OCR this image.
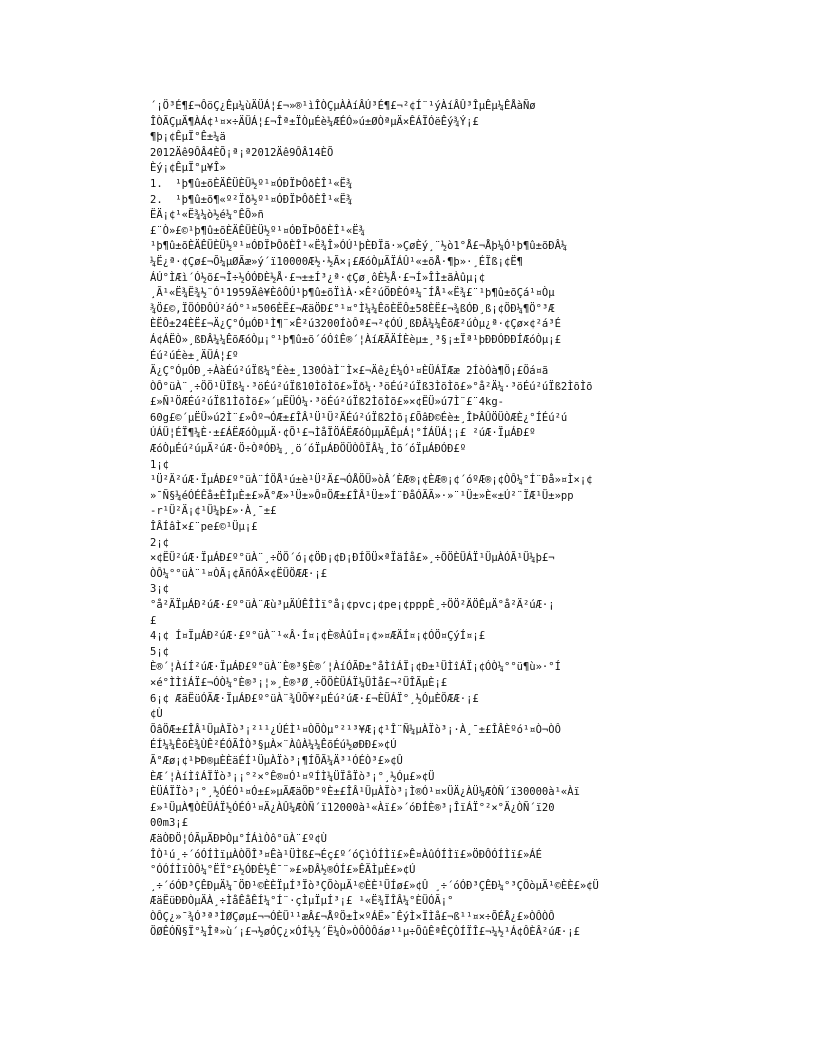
´¡Ö³É¶£¬ÔöÇ¿Êµ¼ùÄÜÁ¦£¬»®¹ìÎÒÇµÀÀíÂÚ³É¶£¬²¢Í¨¹ýÀíÂÛ³ÎµÊµ¼ÊÅàÑø
ÎÒÃÇµÄ¶ÀÁ¢¹¤×÷ÄÜÁ¦£¬Îª±ÏÒµÉè¼ÆÉÓ»ú±ØÒªµÄ×ÊÁÏÓëÊý¾Ý¡£
¶þ¡¢ÊµÏ°Ê±¼ä
2012Äê9ÔÂ4ÈÕ¡ª¡ª2012Äê9ÔÂ14ÈÕ
Èý¡¢ÊµÏ°µ¥Î»
1.  ¹þ¶û±õÈÄÊÜÈÜ½º¹¤ÓÐÏÞÔðÈÎ¹«Ë¾
2.  ¹þ¶û±õ¶«º²Ïð½º¹¤ÓÐÏÞÔðÈÎ¹«Ë¾
ËÄ¡¢¹«Ë¾¼ò½é¼°ÊÕ»ñ
£¨Ò»£©¹þ¶û±õÈÄÊÜÈÜ½º¹¤ÓÐÏÞÔðÈÎ¹«Ë¾
¹þ¶û±õÈÄÊÜÈÜ½º¹¤ÓÐÏÞÔðÈÎ¹«Ë¾Î»ÓÚ¹þÈÐÏã·»ÇøÈý¸¨½ò1°Å£¬Åþ¼Ó¹þ¶û±õÐÂ¼
¼Ë¿ª·¢Çø£¬Õ¼µØÃæ»ý´ï10000Æ½·½Ã×¡£ÆóÒµÃÏÁÛ¹«±õÅ·¶þ»·¸ÉÏß¡¢Ë¶
ÁÚ°ÌÆì´Ó½õ£¬Î÷½ÓÓÐÈ½Å·£¬±±Í³¿ª·¢Çø¸ôÈ½Å·£¬Í»ÎÌ±ãÀûµ¡¢
¸Ã¹«Ë¾Ë¾½¨Ó¹1959Äê¥ÈôÔÚ¹þ¶û±õÏìÀ·×Ê²úÖÐÈÓª¼¯ÍÅ¹«Ë¾£¨¹þ¶û±õÇá¹¤Òµ
¾Ö£©,ÏÖÓÐÔÚ²áÓ°¹¤506ÈË£¬ÆäÖÐ£°¹¤°Ì¼¼ÊõÈËÔ±58ÈË£¬¾ßÓÐ¸ß¡¢ÖÐ¼¶Ö°³Æ
ÈËÔ±24ÈË£¬Ä¿Ç°ÓµÓÐ¹Ì¶¨×Ê²ú3200ÍòÔª£¬²¢ÓÚ¸ßÐÂ¼¼ÊõÆ²úÒµ¿ª·¢Çø×¢²á³É
Á¢ÁËÒ»¸ßÐÂ¼¼ÊõÆóÒµ¡°¹þ¶û±õ´óÓîÊ®´¦ÀíÆÄÄÍÈèµ±¸³§¡±Ïª¹þÐÐÓÐÐÍÆóÒµ¡£
Éú²úÉè±¸ÄÜÁ¦£º
Ä¿Ç°ÓµÓÐ¸÷ÀàÉú²úÏß¼°Éè±¸130ÓàÌ¨Ì×£¬Äê¿É¼Ó¹¤ÈÜÁÏÆæ 2ÍòÓà¶Ö¡£Öá¤ã
ÒÔ°üÀ¨¸÷ÖÖ¹ÜÏß¼·³öÉú²úÏß10ÌõÌõ£»Ïð¼·³öÉú²úÏß3ÌõÌõ£»°å²Ä¼·³öÉú²úÏß2ÌõÌõ
£»Ñ¹ÖÆÉú²úÏß1ÌõÌõ£»´µËÜÓ¼·³öÉú²úÏß2ÌõÌõ£»×¢ËÜ»ú7Ì¨£¨4kg-
60g£©´µËÜ»ú2Ì¨£»Ôº¬ÓÆ±£ÎÂ¹Ü¹Ü²ÄÉú²úÏß2Ìõ¡£ÕâÐ©Éè±¸ÎÞÂÛÖÜÒÆÈ¿°ÍÉú²ú
ÚÁÜ¦ÉÏ¶¼È·±£ÁËÆóÒµµÄ·¢Õ¹£¬ÌåÏÖÁËÆóÒµµÄÊµÁ¦°ÍÁÜÁ¦¡£ ²úÆ·ÏµÁÐ£º
ÆóÒµÉú²úµÄ²úÆ·Ö÷ÒªÓÐ¼¸¸ö´óÏµÁÐÖÜÒÔÏÂ¼¸Ìõ´óÏµÁÐÓÐ£º
1¡¢
¹Ü²Ä²úÆ·ÏµÁÐ£º°üÀ¨ÍÖÅ¹ú±è¹Ü²Ä£¬ÓÅÖÜ»òÂ´ÈÆ®¡¢ÈÆ®¡¢´óºÆ®¡¢ÒÔ¼°Í¨Ðå»¤Ì×¡¢
»¯Ñ§¼éÓÉÊå±ÈÎµÈ±£»Ã°Æ»¹Ü±»Ô¤ÖÆ±£ÎÂ¹Ü±»Í¨ÐåÓÃÃ»·»¨¹Ü±»È«±Ú²¨ÏÆ¹Ü±»pp
-r¹Ü²Ä¡¢¹Ü¼þ£»·À¸¯±£
ÎÂÍâÌ×£¨pe£©¹Üµ¡£
2¡¢
×¢ËÜ²úÆ·ÏµÁÐ£º°üÀ¨¸÷ÖÖ´ó¡¢ÖÐ¡¢Ð¡ÐÍÖÜ×ªÏäÍå£»¸÷ÖÖÈÜÁÏ¹ÜµÀÓÃ¹Ü¼þ£¬
ÒÔ¼°°üÀ¨¹¤ÒÃ¡¢ÃñÓÃ×¢ËÜÖÆÆ·¡£
3¡¢
°å²ÄÏµÁÐ²úÆ·£º°üÀ¨Æù³µÄÚÊÎÌï°å¡¢pvc¡¢pe¡¢pppÈ¸÷ÖÖ²ÄÖÊµÄ°å²Ä²úÆ·¡
£
4¡¢ Í¤ÏµÁÐ²úÆ·£º°üÀ¨¹«Â·Í¤¡¢È®ÀûÍ¤¡¢»¤ÆÄÍ¤¡¢ÓÖ¤ÇýÍ¤¡£
5¡¢
È®´¦ÀíÍ²úÆ·ÏµÁÐ£º°üÀ¨È®³§È®´¦ÀíÓÃÐ±°åÌîÁÏ¡¢Ð±¹ÜÌîÁÏ¡¢ÓÒ¼°°ü¶ù»·°Í
×é°ÌÌîÁÏ£¬ÓÒ¼°È®³¡¦»¸È®³Ø¸÷ÖÖÈÜÁÏ¼ÜÌå£¬²ÜÎÃµÈ¡£
6¡¢ ÆäËüÓÃÆ·ÏµÁÐ£º°üÀ¨¾ÛÕ¥²µÉú²úÆ·£¬ÈÜÁÏ°¸½ÓµÈÖÆÆ·¡£
¢Ù
ÕâÖÆ±£ÎÂ¹ÜµÀÏò³¡²¹¹¿ÚÉÌ¹¤ÒÕÒµ°²¹³¥Æ¡¢¹Î¨Ñ¼µÀÏò³¡·À¸¯±£ÎÂÈºó¹¤Ò¬ÒÔ
ÉÍ¼¼ÊõÈ¾ÙÊ²ÉÓÃÎÒ³§µÀ×¨ÀûÀ¼¼ÊõÉú½øÐÐ£»¢Ú
Ã°Æø¡¢¹ÞÐ®µÈÈäÉÍ¹ÜµÀÏò³¡¶ÍÕÃ¼Ä³¹ÓÉÒ³£»¢Û
ÈÆ´¦ÀíÌîÁÏÏò³¡¡°²×°Ê®¤Ó¹¤ºÍÌ¼ÜÏåÏò³¡°¸½Óµ£»¢Ü
ÈÜÁÏÏò³¡°¸½ÓÉÓ¹¤Ó±£»µÃÆäÖÐ°ºÈ±£ÎÂ¹ÜµÀÏò³¡Ì®Ó¹¤×ÜÄ¿ÀÜ¼ÆÒÑ´ï30000à¹«Àï
£»¹ÜµÀ¶ÒÈÜÁÏ½ÓÉÓ¹¤Ä¿ÀÛ¼ÆÒÑ´ï12000à¹«Àï£»´óÐÍÈ®³¡ÎïÁÏ°²×°Ä¿ÒÑ´ï20
00m3¡£
ÆäÒÐÖ¦ÓÃµÄÐÞÒµ°ÍÁìÒô°üÀ¨£º¢Ù
ÎÒ¹ú¸÷´óÓÍÌïµÀÒÖÎ³¤Êà¹ÜÌß£¬Éç£º´óÇìÓÍÌï£»Ê¤ÀûÓÍÌï£»ÖÐÔÓÍÌï£»ÁÉ
°ÓÓÍÌïÒÔ¼°ËÏ°£½ÓÐÈ½Ê¯¨»£»ÐÂ½®ÓÍ£»ÊÄÌµÈ£»¢Ú
¸÷´óÓÐ³ÇÊÐµÄ¼¯ÖÐ¹©ÈÈÏµÍ³Ïò³ÇÕòµÄ¹©ÈÈ¹ÜÍø£»¢Û ¸÷´óÓÐ³ÇÊÐ¼°³ÇÕòµÄ¹©ÈÈ£»¢Ü
ÆäËüÐÐÒµÄÀ¸÷ÌåÊåÊÍ¼°Í¨·çÌµÏµÍ³¡£ ¹«Ë¾ÏÎÂ¼°ÈÜÓÃ¡°
ÒÔÇ¿»¯¾Ó³ª³ÌØÇøµ£¬¬ÓÈÜ¹¹æÂ£¬ÅºÖ±Ì×ºÁË»¯ÊýÌ×ÏÌå£¬ß¹¹¤×÷ÕÉÅ¿£»ÒÔÒÔ
ÖØÊÓÑ§Ï°¼Îª»ù´¡£¬½øÓÇ¿×ÓÍ½½´Ë¼Ò»ÒÔÒÔáø¹¹µ÷ÕûÊªÊÇÒÍÏÎ£¬¼½¹Á¢ÔÈÂ²úÆ·¡£
